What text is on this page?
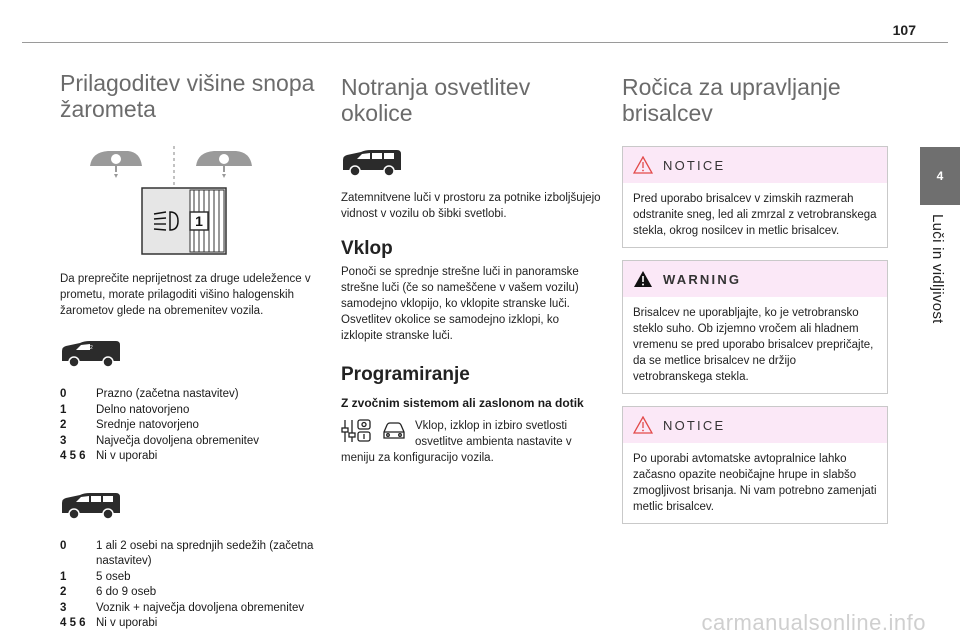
107
4
Luči in vidljivost
Prilagoditev višine snopa žarometa
1

Da preprečite neprijetnost za druge udeležence v prometu, morate prilagoditi višino halogenskih žarometov glede na obremenitev vozila.

2
0	Prazno (začetna nastavitev)
1	Delno natovorjeno
2	Srednje natovorjeno
3	Največja dovoljena obremenitev
4 5 6	Ni v uporabi
0	1 ali 2 osebi na sprednjih sedežih (začetna nastavitev)
1	5 oseb
2	6 do 9 oseb
3	Voznik + največja dovoljena obremenitev
4 5 6	Ni v uporabi
Notranja osvetlitev okolice

Zatemnitvene luči v prostoru za potnike izboljšujejo vidnost v vozilu ob šibki svetlobi.

Vklop

Ponoči se sprednje strešne luči in panoramske strešne luči (če so nameščene v vašem vozilu) samodejno vklopijo, ko vklopite stranske luči. Osvetlitev okolice se samodejno izklopi, ko izklopite stranske luči.

Programiranje
Z zvočnim sistemom ali zaslonom na dotik

Vklop, izklop in izbiro svetlosti
osvetlitve ambienta nastavite v

meniju za konfiguracijo vozila.

Ročica za upravljanje brisalcev
NOTICE
Pred uporabo brisalcev v zimskih razmerah odstranite sneg, led ali zmrzal z vetrobranskega stekla, okrog nosilcev in metlic brisalcev.
WARNING
Brisalcev ne uporabljajte, ko je vetrobransko steklo suho. Ob izjemno vročem ali hladnem vremenu se pred uporabo brisalcev prepričajte, da se metlice brisalcev ne držijo vetrobranskega stekla.
NOTICE
Po uporabi avtomatske avtopralnice lahko začasno opazite neobičajne hrupe in slabšo zmogljivost brisanja. Ni vam potrebno zamenjati metlic brisalcev.
carmanualsonline.info
